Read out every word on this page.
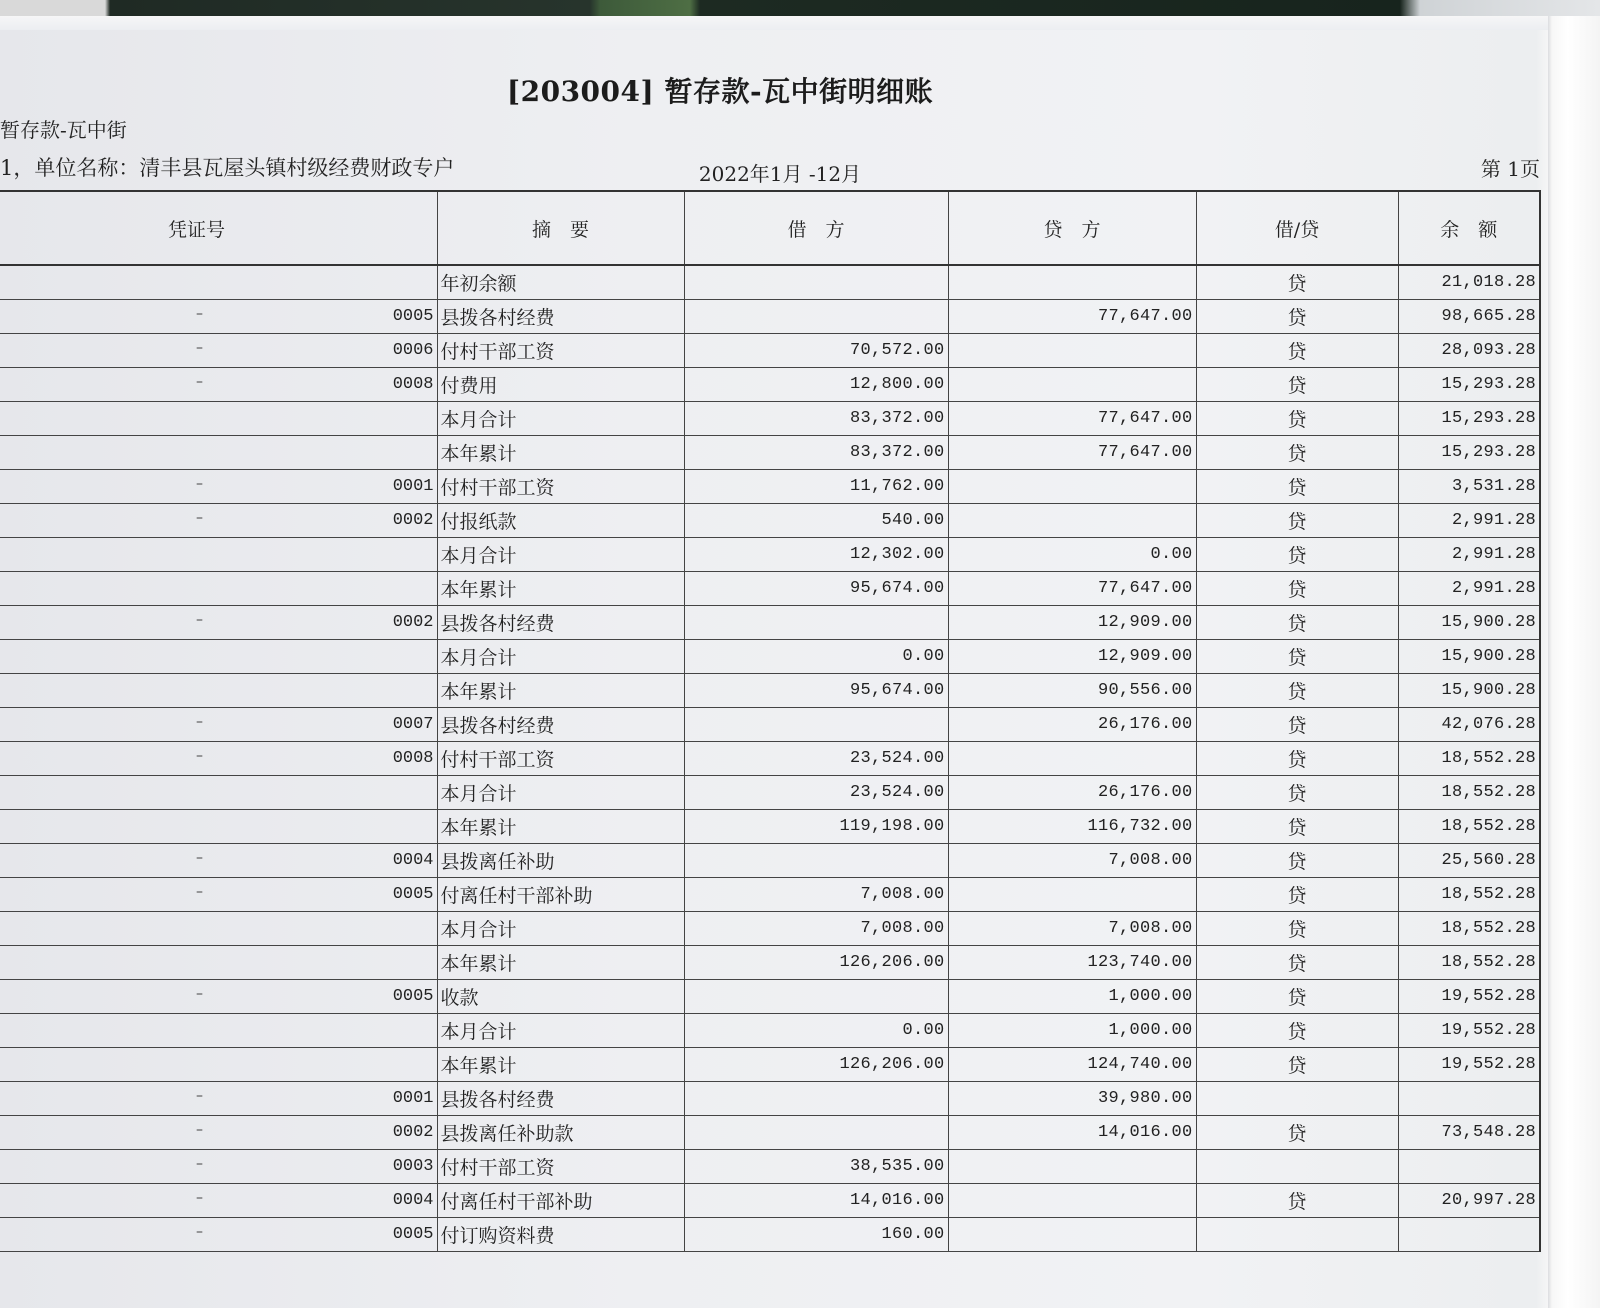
[203004] 暂存款-瓦中街明细账
暂存款-瓦中街
1，单位名称：清丰县瓦屋头镇村级经费财政专户	2022年1月 -12月	第 1页
凭证号	摘　要	借　方	贷　方	借/贷	余　额

	年初余额			贷	21,018.28

– 0005	县拨各村经费		77,647.00	贷	98,665.28

– 0006	付村干部工资	70,572.00		贷	28,093.28

– 0008	付费用	12,800.00		贷	15,293.28

	本月合计	83,372.00	77,647.00	贷	15,293.28

	本年累计	83,372.00	77,647.00	贷	15,293.28

– 0001	付村干部工资	11,762.00		贷	3,531.28

– 0002	付报纸款	540.00		贷	2,991.28

	本月合计	12,302.00	0.00	贷	2,991.28

	本年累计	95,674.00	77,647.00	贷	2,991.28

– 0002	县拨各村经费		12,909.00	贷	15,900.28

	本月合计	0.00	12,909.00	贷	15,900.28

	本年累计	95,674.00	90,556.00	贷	15,900.28

– 0007	县拨各村经费		26,176.00	贷	42,076.28

– 0008	付村干部工资	23,524.00		贷	18,552.28

	本月合计	23,524.00	26,176.00	贷	18,552.28

	本年累计	119,198.00	116,732.00	贷	18,552.28

– 0004	县拨离任补助		7,008.00	贷	25,560.28

– 0005	付离任村干部补助	7,008.00		贷	18,552.28

	本月合计	7,008.00	7,008.00	贷	18,552.28

	本年累计	126,206.00	123,740.00	贷	18,552.28

– 0005	收款		1,000.00	贷	19,552.28

	本月合计	0.00	1,000.00	贷	19,552.28

	本年累计	126,206.00	124,740.00	贷	19,552.28

– 0001	县拨各村经费		39,980.00		

– 0002	县拨离任补助款		14,016.00	贷	73,548.28

– 0003	付村干部工资	38,535.00			

– 0004	付离任村干部补助	14,016.00		贷	20,997.28

– 0005	付订购资料费	160.00			
